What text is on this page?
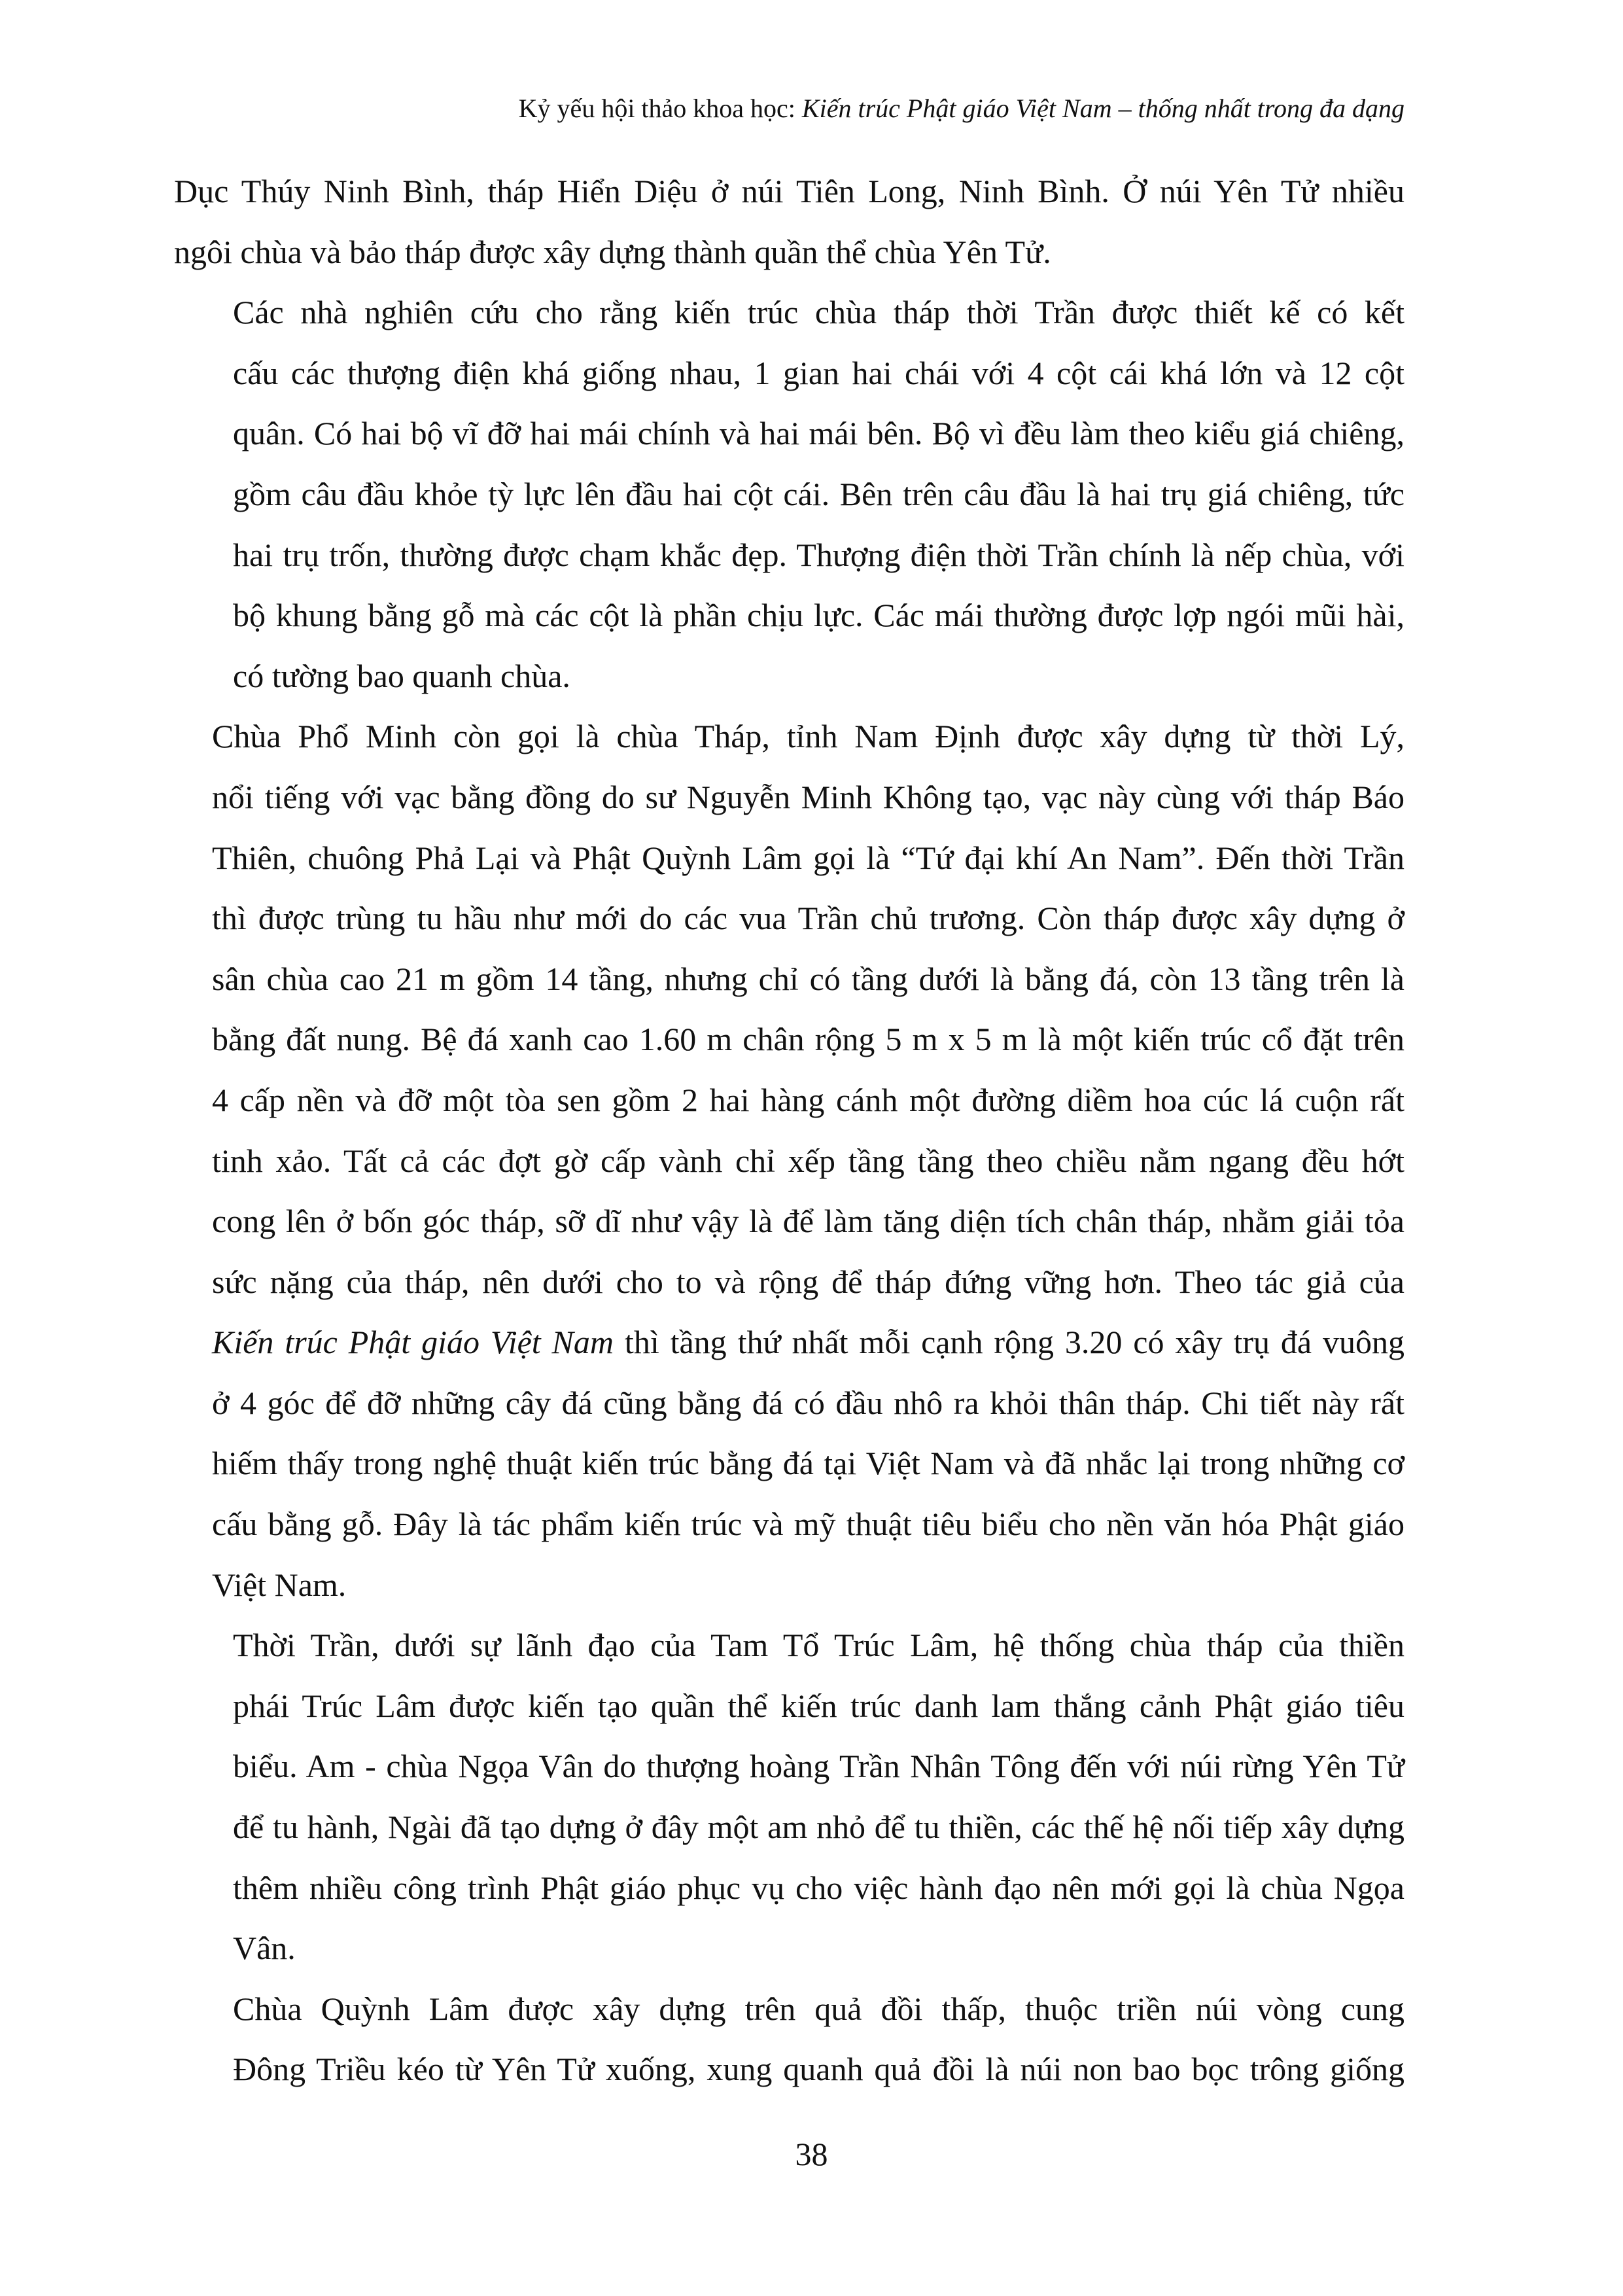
Kỷ yếu hội thảo khoa học: Kiến trúc Phật giáo Việt Nam – thống nhất trong đa dạng

Dục Thúy Ninh Bình, tháp Hiển Diệu ở núi Tiên Long, Ninh Bình. Ở núi Yên Tử nhiều
ngôi chùa và bảo tháp được xây dựng thành quần thể chùa Yên Tử.

Các nhà nghiên cứu cho rằng kiến trúc chùa tháp thời Trần được thiết kế có kết
cấu các thượng điện khá giống nhau, 1 gian hai chái với 4 cột cái khá lớn và 12 cột
quân. Có hai bộ vĩ đỡ hai mái chính và hai mái bên. Bộ vì đều làm theo kiểu giá chiêng,
gồm câu đầu khỏe tỳ lực lên đầu hai cột cái. Bên trên câu đầu là hai trụ giá chiêng, tức
hai trụ trốn, thường được chạm khắc đẹp. Thượng điện thời Trần chính là nếp chùa, với
bộ khung bằng gỗ mà các cột là phần chịu lực. Các mái thường được lợp ngói mũi hài,
có tường bao quanh chùa.

Chùa Phổ Minh còn gọi là chùa Tháp, tỉnh Nam Định được xây dựng từ thời Lý,
nổi tiếng với vạc bằng đồng do sư Nguyễn Minh Không tạo, vạc này cùng với tháp Báo
Thiên, chuông Phả Lại và Phật Quỳnh Lâm gọi là “Tứ đại khí An Nam”. Đến thời Trần
thì được trùng tu hầu như mới do các vua Trần chủ trương. Còn tháp được xây dựng ở
sân chùa cao 21 m gồm 14 tầng, nhưng chỉ có tầng dưới là bằng đá, còn 13 tầng trên là
bằng đất nung. Bệ đá xanh cao 1.60 m chân rộng 5 m x 5 m là một kiến trúc cổ đặt trên
4 cấp nền và đỡ một tòa sen gồm 2 hai hàng cánh một đường diềm hoa cúc lá cuộn rất
tinh xảo. Tất cả các đợt gờ cấp vành chỉ xếp tầng tầng theo chiều nằm ngang đều hớt
cong lên ở bốn góc tháp, sỡ dĩ như vậy là để làm tăng diện tích chân tháp, nhằm giải tỏa
sức nặng của tháp, nên dưới cho to và rộng để tháp đứng vững hơn. Theo tác giả của
Kiến trúc Phật giáo Việt Nam thì tầng thứ nhất mỗi cạnh rộng 3.20 có xây trụ đá vuông
ở 4 góc để đỡ những cây đá cũng bằng đá có đầu nhô ra khỏi thân tháp. Chi tiết này rất
hiếm thấy trong nghệ thuật kiến trúc bằng đá tại Việt Nam và đã nhắc lại trong những cơ
cấu bằng gỗ. Đây là tác phẩm kiến trúc và mỹ thuật tiêu biểu cho nền văn hóa Phật giáo
Việt Nam.

Thời Trần, dưới sự lãnh đạo của Tam Tổ Trúc Lâm, hệ thống chùa tháp của thiền
phái Trúc Lâm được kiến tạo quần thể kiến trúc danh lam thắng cảnh Phật giáo tiêu
biểu. Am - chùa Ngọa Vân do thượng hoàng Trần Nhân Tông đến với núi rừng Yên Tử
để tu hành, Ngài đã tạo dựng ở đây một am nhỏ để tu thiền, các thế hệ nối tiếp xây dựng
thêm nhiều công trình Phật giáo phục vụ cho việc hành đạo nên mới gọi là chùa Ngọa
Vân.

Chùa Quỳnh Lâm được xây dựng trên quả đồi thấp, thuộc triền núi vòng cung
Đông Triều kéo từ Yên Tử xuống, xung quanh quả đồi là núi non bao bọc trông giống

38
